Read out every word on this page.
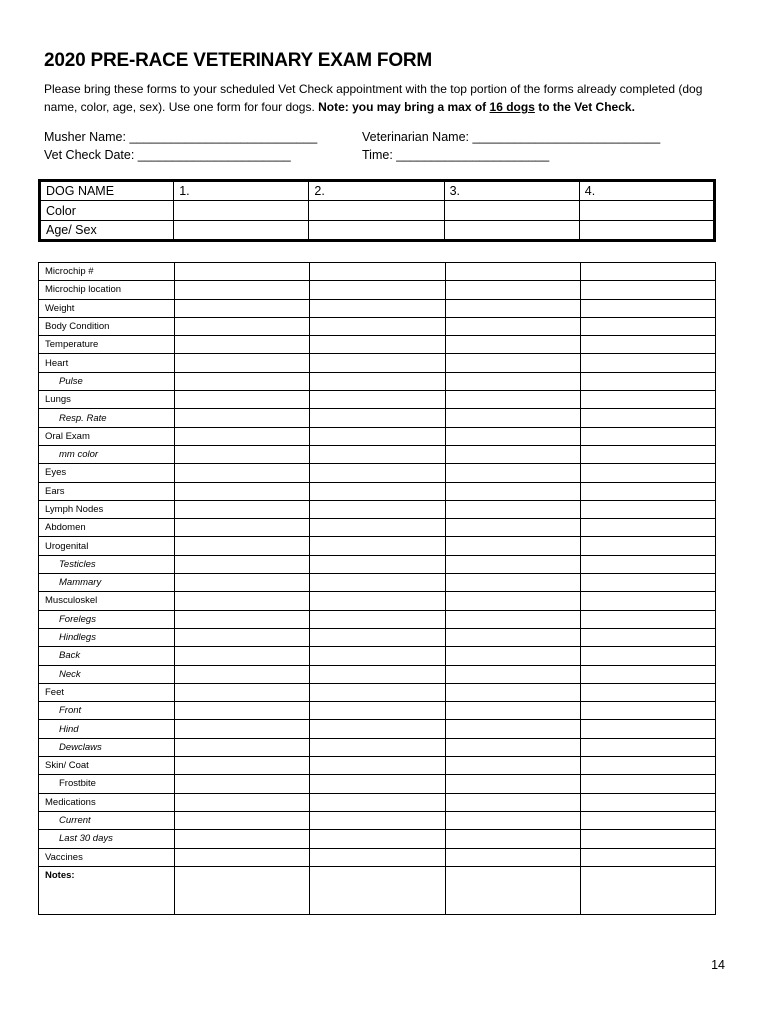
2020 PRE-RACE VETERINARY EXAM FORM
Please bring these forms to your scheduled Vet Check appointment with the top portion of the forms already completed (dog name, color, age, sex). Use one form for four dogs. Note: you may bring a max of 16 dogs to the Vet Check.
Musher Name: ___________________________	Veterinarian Name: ___________________________
Vet Check Date: ______________________	Time: ______________________
DOG NAME	1.	2.	3.	4.
Color				
Age/ Sex				
Microchip #				
Microchip location				
Weight				
Body Condition				
Temperature				
Heart				
Pulse				
Lungs				
Resp. Rate				
Oral Exam				
mm color				
Eyes				
Ears				
Lymph Nodes				
Abdomen				
Urogenital				
Testicles				
Mammary				
Musculoskel				
Forelegs				
Hindlegs				
Back				
Neck				
Feet				
Front				
Hind				
Dewclaws				
Skin/ Coat				
Frostbite				
Medications				
Current				
Last 30 days				
Vaccines				
Notes:				
14
